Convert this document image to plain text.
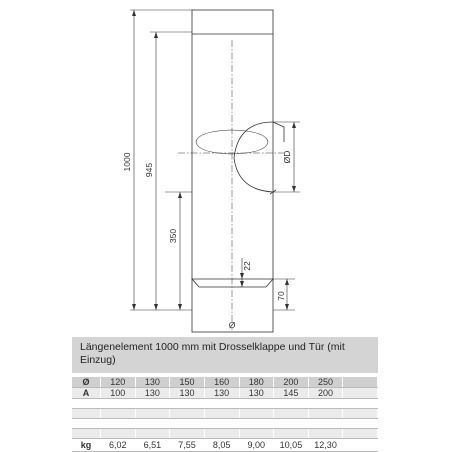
1000 945
350
22
70
ØD
Ø
Längenelement 1000 mm mit Drosselklappe und Tür (mit Einzug)
Ø	120	130	150	160	180	200	250	
A	100	130	130	130	130	145	200	

kg	6,02	6,51	7,55	8,05	9,00	10,05	12,30	
